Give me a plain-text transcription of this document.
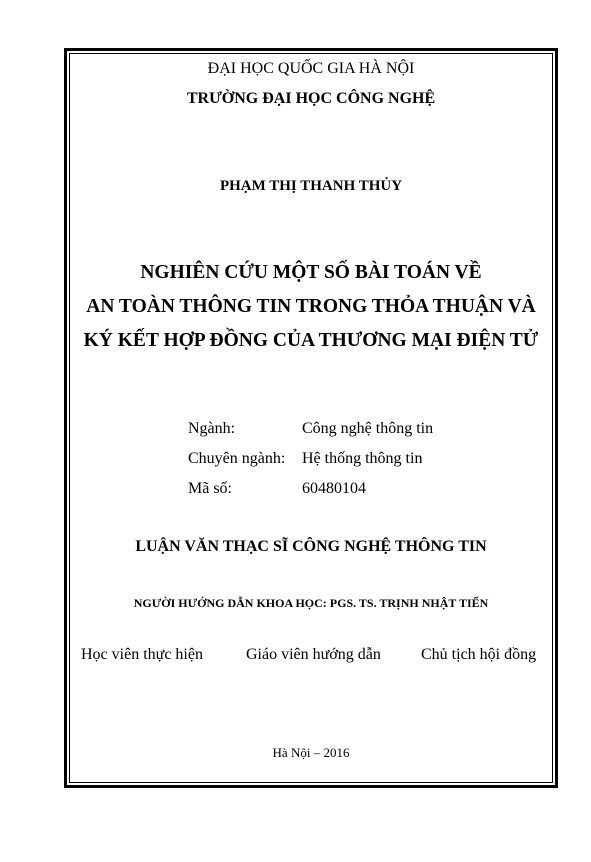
ĐẠI HỌC QUỐC GIA HÀ NỘI
TRƯỜNG ĐẠI HỌC CÔNG NGHỆ
PHẠM THỊ THANH THỦY
NGHIÊN CỨU MỘT SỐ BÀI TOÁN VỀ
AN TOÀN THÔNG TIN TRONG THỎA THUẬN VÀ
KÝ KẾT HỢP ĐỒNG CỦA THƯƠNG MẠI ĐIỆN TỬ
Ngành:	Công nghệ thông tin
Chuyên ngành: Hệ thống thông tin
Mã số:	60480104
LUẬN VĂN THẠC SĨ CÔNG NGHỆ THÔNG TIN
NGƯỜI HƯỚNG DẪN KHOA HỌC: PGS. TS. TRỊNH NHẬT TIẾN
Học viên thực hiện	Giáo viên hướng dẫn	Chủ tịch hội đồng
Hà Nội – 2016
